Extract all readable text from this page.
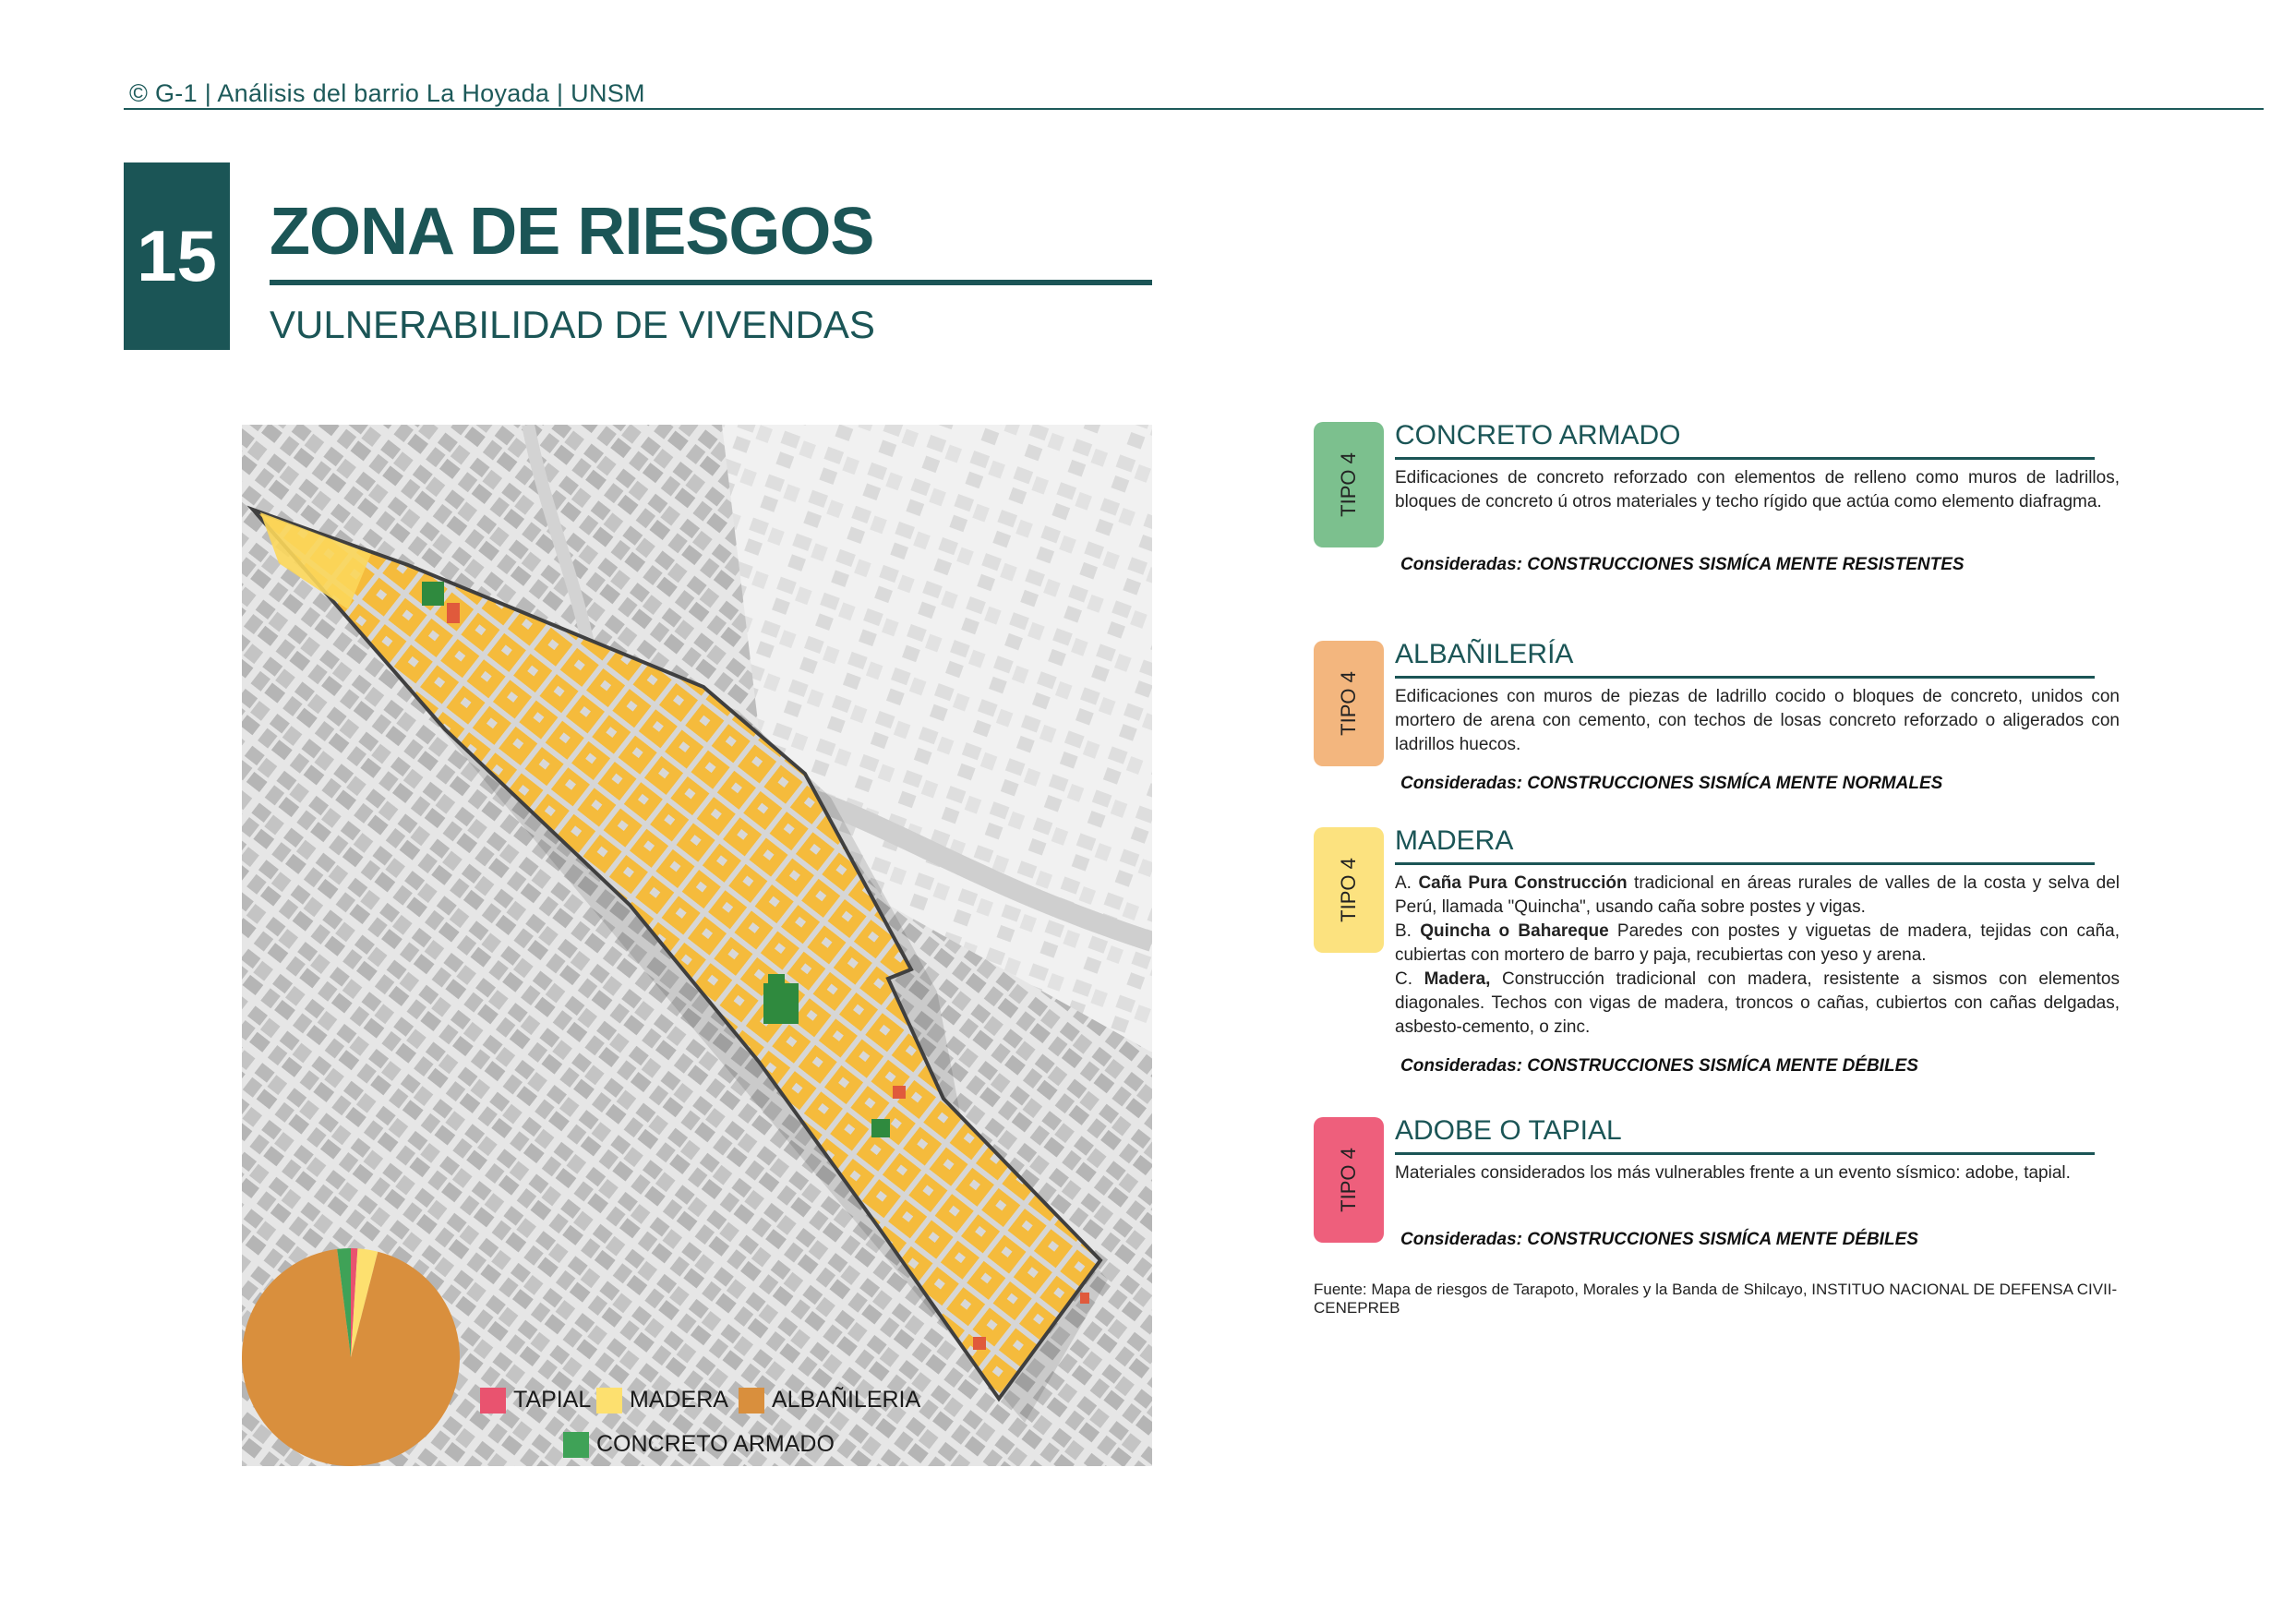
© G-1 | Análisis del barrio La Hoyada | UNSM
15 ZONA DE RIESGOS
VULNERABILIDAD DE VIVENDAS
TAPIAL MADERA ALBAÑILERIA
CONCRETO ARMADO
TIPO 4
CONCRETO ARMADO
Edificaciones de concreto reforzado con elementos de relleno como muros de ladrillos, bloques de concreto ú otros materiales y techo rígido que actúa como elemento diafragma.
Consideradas: CONSTRUCCIONES SISMÍCA MENTE RESISTENTES
TIPO 4
ALBAÑILERÍA
Edificaciones con muros de piezas de ladrillo cocido o bloques de concreto, unidos con mortero de arena con cemento, con techos de losas concreto reforzado o aligerados con ladrillos huecos.
Consideradas: CONSTRUCCIONES SISMÍCA MENTE NORMALES
TIPO 4
MADERA
A. Caña Pura Construcción tradicional en áreas rurales de valles de la costa y selva del Perú, llamada "Quincha", usando caña sobre postes y vigas.
B. Quincha o Bahareque Paredes con postes y viguetas de madera, tejidas con caña, cubiertas con mortero de barro y paja, recubiertas con yeso y arena.
C. Madera, Construcción tradicional con madera, resistente a sismos con elementos diagonales. Techos con vigas de madera, troncos o cañas, cubiertos con cañas delgadas, asbesto-cemento, o zinc.
Consideradas: CONSTRUCCIONES SISMÍCA MENTE DÉBILES
TIPO 4
ADOBE O TAPIAL
Materiales considerados los más vulnerables frente a un evento sísmico: adobe, tapial.
Consideradas: CONSTRUCCIONES SISMÍCA MENTE DÉBILES
Fuente: Mapa de riesgos de Tarapoto, Morales y la Banda de Shilcayo, INSTITUO NACIONAL DE DEFENSA CIVII- CENEPREB
